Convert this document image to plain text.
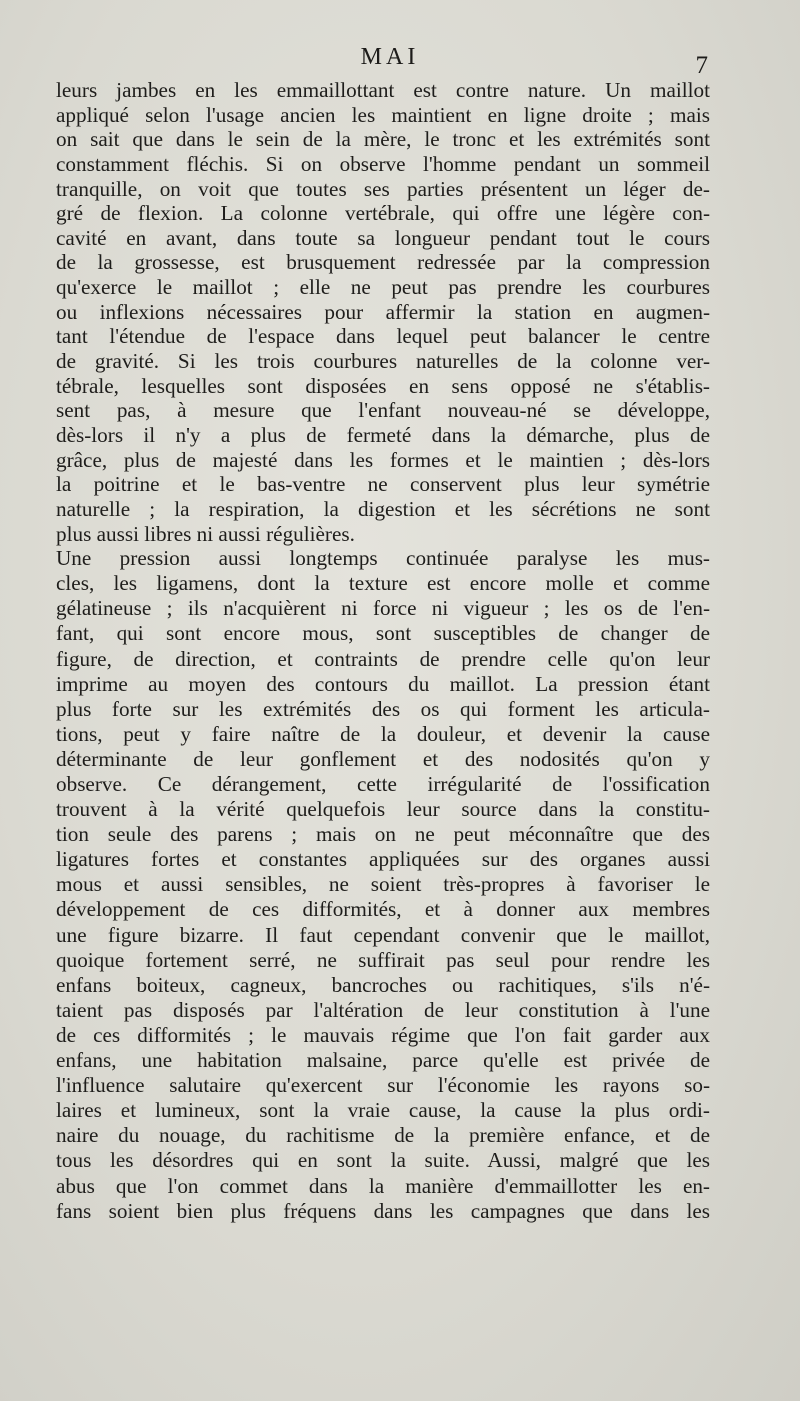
MAI	7
leurs jambes en les emmaillottant est contre nature. Un maillot
appliqué selon l'usage ancien les maintient en ligne droite ; mais
on sait que dans le sein de la mère, le tronc et les extrémités sont
constamment fléchis. Si on observe l'homme pendant un sommeil
tranquille, on voit que toutes ses parties présentent un léger de-
gré de flexion. La colonne vertébrale, qui offre une légère con-
cavité en avant, dans toute sa longueur pendant tout le cours
de la grossesse, est brusquement redressée par la compression
qu'exerce le maillot ; elle ne peut pas prendre les courbures
ou inflexions nécessaires pour affermir la station en augmen-
tant l'étendue de l'espace dans lequel peut balancer le centre
de gravité. Si les trois courbures naturelles de la colonne ver-
tébrale, lesquelles sont disposées en sens opposé ne s'établis-
sent pas, à mesure que l'enfant nouveau-né se développe,
dès-lors il n'y a plus de fermeté dans la démarche, plus de
grâce, plus de majesté dans les formes et le maintien ; dès-lors
la poitrine et le bas-ventre ne conservent plus leur symétrie
naturelle ; la respiration, la digestion et les sécrétions ne sont
plus aussi libres ni aussi régulières.
Une pression aussi longtemps continuée paralyse les mus-
cles, les ligamens, dont la texture est encore molle et comme
gélatineuse ; ils n'acquièrent ni force ni vigueur ; les os de l'en-
fant, qui sont encore mous, sont susceptibles de changer de
figure, de direction, et contraints de prendre celle qu'on leur
imprime au moyen des contours du maillot. La pression étant
plus forte sur les extrémités des os qui forment les articula-
tions, peut y faire naître de la douleur, et devenir la cause
déterminante de leur gonflement et des nodosités qu'on y
observe. Ce dérangement, cette irrégularité de l'ossification
trouvent à la vérité quelquefois leur source dans la constitu-
tion seule des parens ; mais on ne peut méconnaître que des
ligatures fortes et constantes appliquées sur des organes aussi
mous et aussi sensibles, ne soient très-propres à favoriser le
développement de ces difformités, et à donner aux membres
une figure bizarre. Il faut cependant convenir que le maillot,
quoique fortement serré, ne suffirait pas seul pour rendre les
enfans boiteux, cagneux, bancroches ou rachitiques, s'ils n'é-
taient pas disposés par l'altération de leur constitution à l'une
de ces difformités ; le mauvais régime que l'on fait garder aux
enfans, une habitation malsaine, parce qu'elle est privée de
l'influence salutaire qu'exercent sur l'économie les rayons so-
laires et lumineux, sont la vraie cause, la cause la plus ordi-
naire du nouage, du rachitisme de la première enfance, et de
tous les désordres qui en sont la suite. Aussi, malgré que les
abus que l'on commet dans la manière d'emmaillotter les en-
fans soient bien plus fréquens dans les campagnes que dans les
